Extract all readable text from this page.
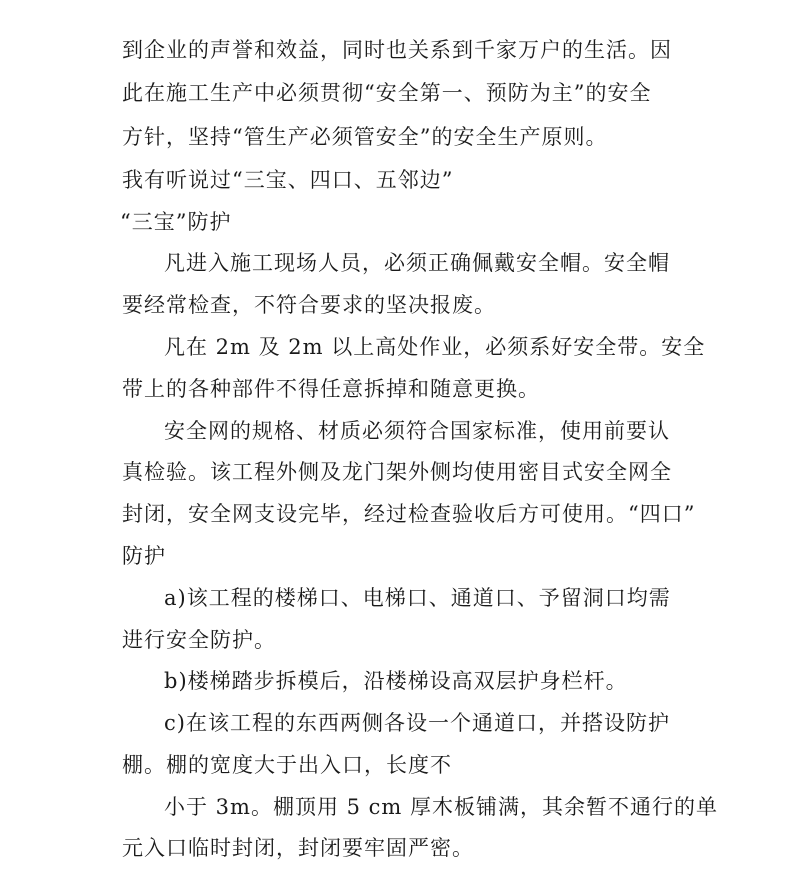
到企业的声誉和效益，同时也关系到千家万户的生活。因
此在施工生产中必须贯彻“安全第一、预防为主”的安全
方针，坚持“管生产必须管安全”的安全生产原则。
我有听说过“三宝、四口、五邻边”
“三宝”防护
凡进入施工现场人员，必须正确佩戴安全帽。安全帽
要经常检查，不符合要求的坚决报废。
凡在 2m 及 2m 以上高处作业，必须系好安全带。安全
带上的各种部件不得任意拆掉和随意更换。
安全网的规格、材质必须符合国家标准，使用前要认
真检验。该工程外侧及龙门架外侧均使用密目式安全网全
封闭，安全网支设完毕，经过检查验收后方可使用。“四口”
防护
a)该工程的楼梯口、电梯口、通道口、予留洞口均需
进行安全防护。
b)楼梯踏步拆模后，沿楼梯设高双层护身栏杆。
c)在该工程的东西两侧各设一个通道口，并搭设防护
棚。棚的宽度大于出入口，长度不
小于 3m。棚顶用 5 cm 厚木板铺满，其余暂不通行的单
元入口临时封闭，封闭要牢固严密。
